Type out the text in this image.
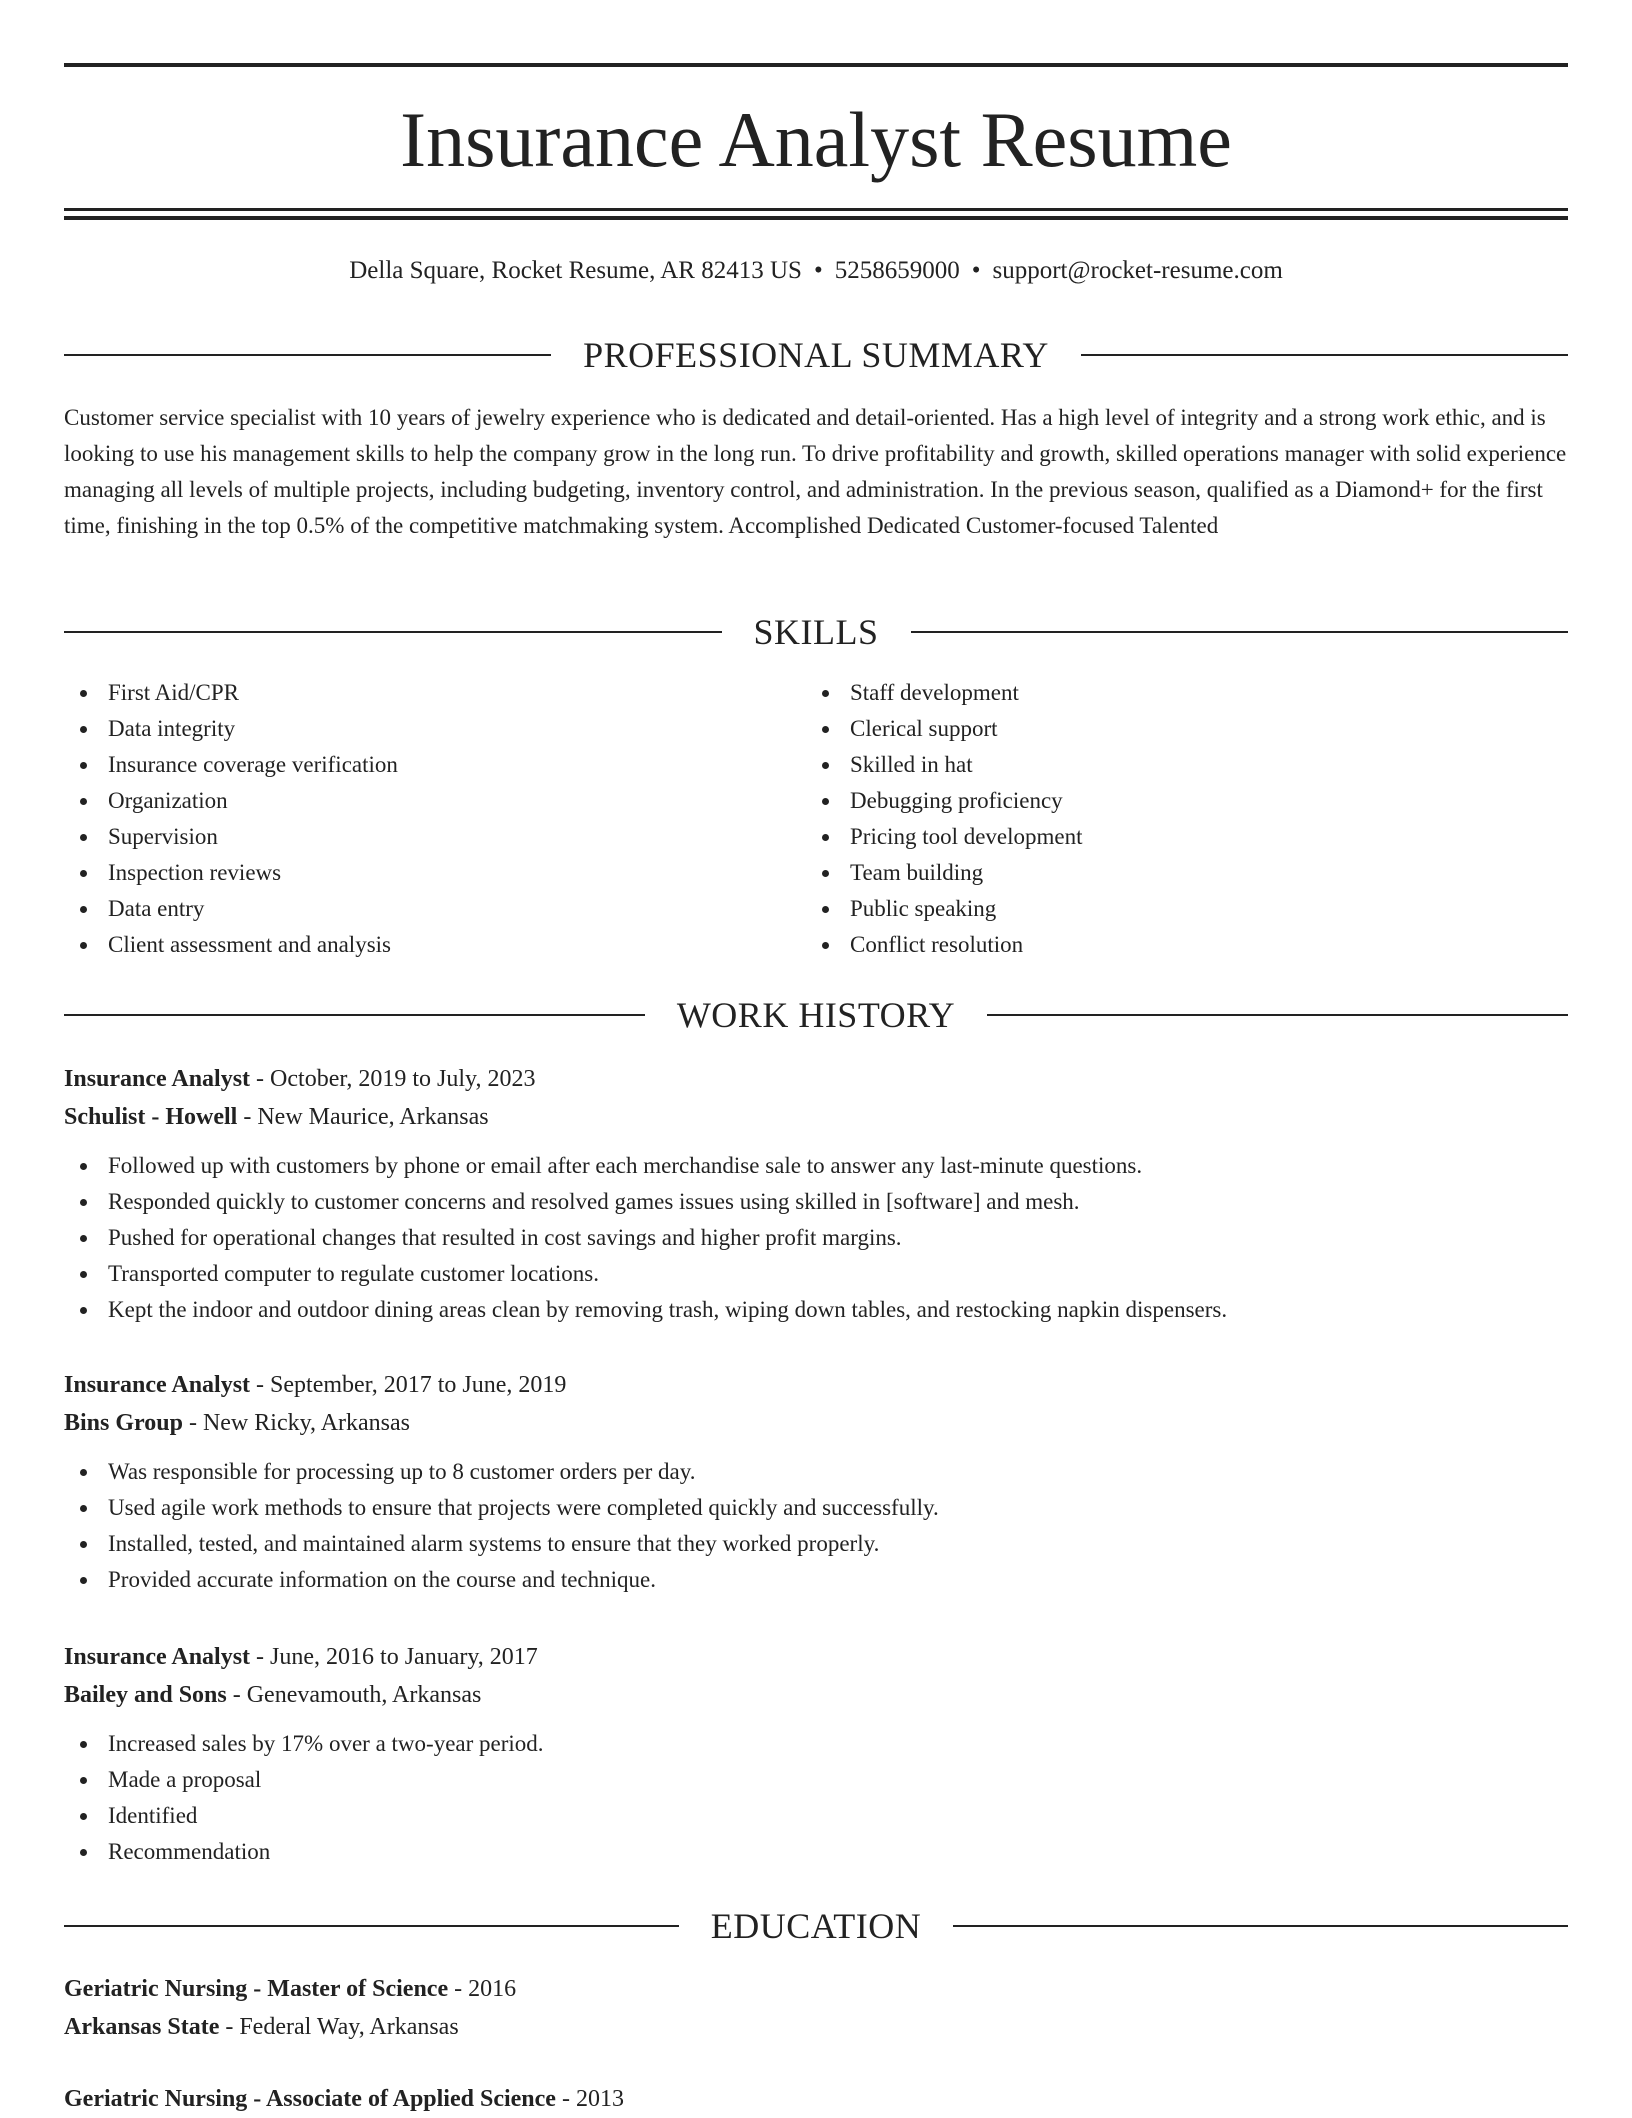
Insurance Analyst Resume
Della Square, Rocket Resume, AR 82413 US • 5258659000 • support@rocket-resume.com
PROFESSIONAL SUMMARY
Customer service specialist with 10 years of jewelry experience who is dedicated and detail-oriented. Has a high level of integrity and a strong work ethic, and is looking to use his management skills to help the company grow in the long run. To drive profitability and growth, skilled operations manager with solid experience managing all levels of multiple projects, including budgeting, inventory control, and administration. In the previous season, qualified as a Diamond+ for the first time, finishing in the top 0.5% of the competitive matchmaking system. Accomplished Dedicated Customer-focused Talented
SKILLS
First Aid/CPR
Data integrity
Insurance coverage verification
Organization
Supervision
Inspection reviews
Data entry
Client assessment and analysis
Staff development
Clerical support
Skilled in hat
Debugging proficiency
Pricing tool development
Team building
Public speaking
Conflict resolution
WORK HISTORY
Insurance Analyst - October, 2019 to July, 2023
Schulist - Howell - New Maurice, Arkansas
Followed up with customers by phone or email after each merchandise sale to answer any last-minute questions.
Responded quickly to customer concerns and resolved games issues using skilled in [software] and mesh.
Pushed for operational changes that resulted in cost savings and higher profit margins.
Transported computer to regulate customer locations.
Kept the indoor and outdoor dining areas clean by removing trash, wiping down tables, and restocking napkin dispensers.
Insurance Analyst - September, 2017 to June, 2019
Bins Group - New Ricky, Arkansas
Was responsible for processing up to 8 customer orders per day.
Used agile work methods to ensure that projects were completed quickly and successfully.
Installed, tested, and maintained alarm systems to ensure that they worked properly.
Provided accurate information on the course and technique.
Insurance Analyst - June, 2016 to January, 2017
Bailey and Sons - Genevamouth, Arkansas
Increased sales by 17% over a two-year period.
Made a proposal
Identified
Recommendation
EDUCATION
Geriatric Nursing - Master of Science - 2016
Arkansas State - Federal Way, Arkansas
Geriatric Nursing - Associate of Applied Science - 2013
